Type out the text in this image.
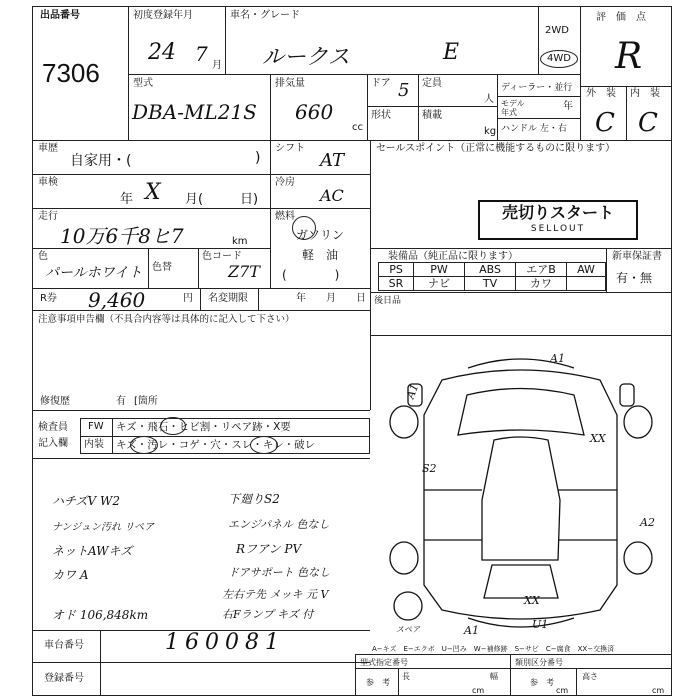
出品番号
7306
初度登録年月
24 7 月
車名・グレード
ルークス	E
2WD
4WD
評　価　点
R
型式
DBA-ML21S
排気量
660
cc
ドア 5 定員
人
形状	積載
kg
ディーラー・並行
モデル年式
年
ハンドル 左・右
外　装 内　装
C C
車歴
自家用・(	)
シフト
AT
車検
年 X 月(	日)
冷房
AC
走行
10万6千8ヒ7	km
燃料
ガソリン
軽　油
(　　　　)
色
パールホワイト 色替
色コード
Z7T
R券 9,460	円 名変期限	年　　月　　日
注意事項申告欄（不具合内容等は具体的に記入して下さい）
修復歴	有 [箇所
セールスポイント（正常に機能するものに限ります）
売切りスタート
SELLOUT
装備品（純正品に限ります）	新車保証書
有・無
PS	PW	ABS	エアB	AW
SR	ナビ	TV	カワ
後日品
検査員
記入欄
FW キズ・飛石・ヒビ割・リペア跡・X要
内装 キズ・汚レ・コゲ・穴・スレ・キレ・破レ
ハチズV W2
ナンジュン汚れ リペア
ネットAWキズ
カワ A
オド 106,848km
下廻りS2
エンジパネル 色なし
Rフアン PV
ドアサポート 色なし
左右テ先 メッキ 元 V
右Fランプ キズ 付
A1
A1
XX
S2
A2
XX
A1	U1
スペア
車台番号	160081
登録番号
A−キズ　E−エクボ　U−凹み　W−補修跡　S−サビ　C−腐食　XX−交換済
型式指定番号	類別区分番号
参　考
長
cm
幅
参　考
cm
高さ
cm
